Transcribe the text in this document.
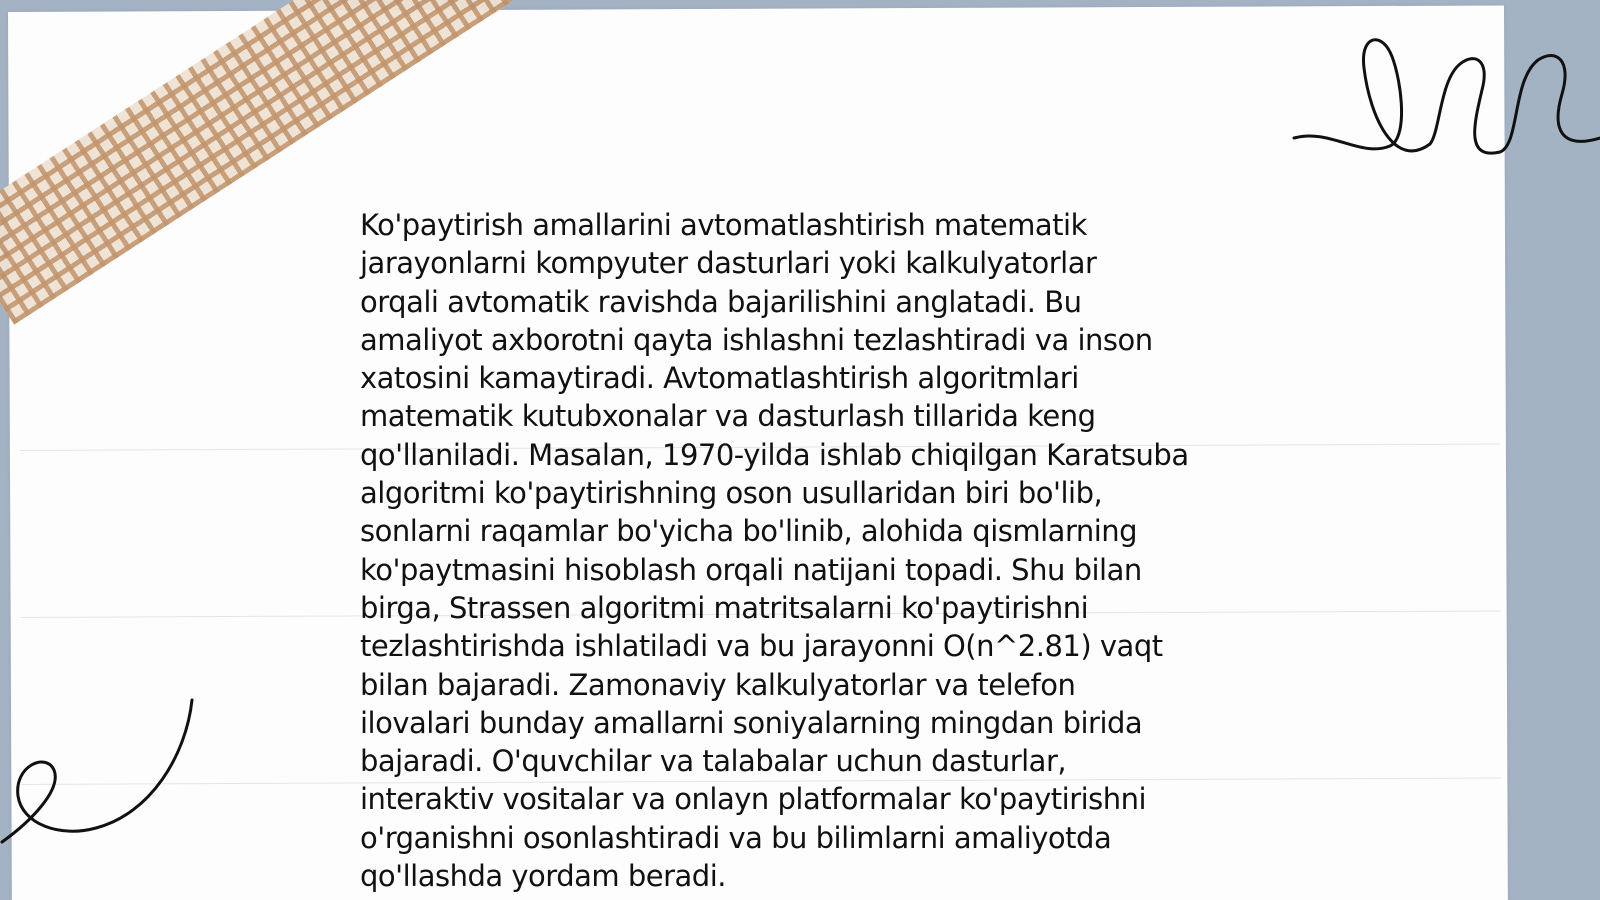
Ko'paytirish amallarini avtomatlashtirish matematik
jarayonlarni kompyuter dasturlari yoki kalkulyatorlar
orqali avtomatik ravishda bajarilishini anglatadi. Bu
amaliyot axborotni qayta ishlashni tezlashtiradi va inson
xatosini kamaytiradi. Avtomatlashtirish algoritmlari
matematik kutubxonalar va dasturlash tillarida keng
qo'llaniladi. Masalan, 1970-yilda ishlab chiqilgan Karatsuba
algoritmi ko'paytirishning oson usullaridan biri bo'lib,
sonlarni raqamlar bo'yicha bo'linib, alohida qismlarning
ko'paytmasini hisoblash orqali natijani topadi. Shu bilan
birga, Strassen algoritmi matritsalarni ko'paytirishni
tezlashtirishda ishlatiladi va bu jarayonni O(n^2.81) vaqt
bilan bajaradi. Zamonaviy kalkulyatorlar va telefon
ilovalari bunday amallarni soniyalarning mingdan birida
bajaradi. O'quvchilar va talabalar uchun dasturlar,
interaktiv vositalar va onlayn platformalar ko'paytirishni
o'rganishni osonlashtiradi va bu bilimlarni amaliyotda
qo'llashda yordam beradi.
